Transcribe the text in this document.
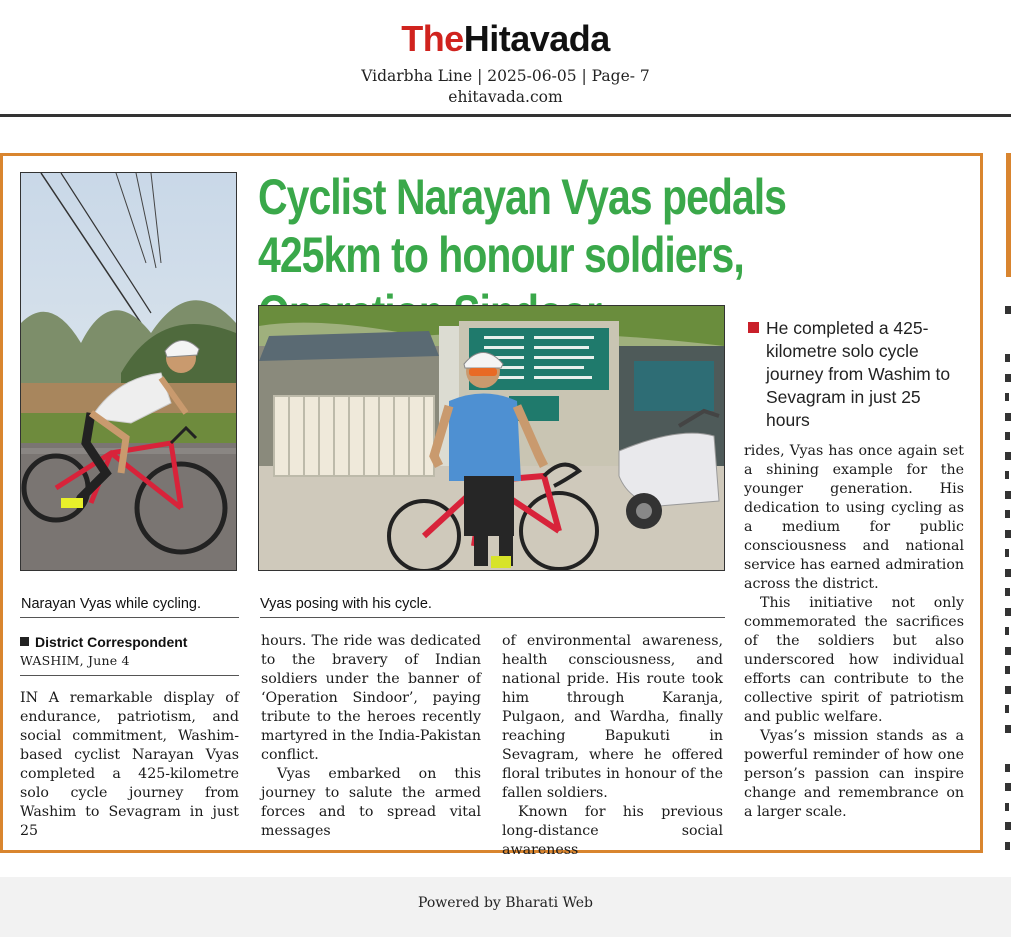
TheHitavada
Vidarbha Line | 2025-06-05 | Page- 7
ehitavada.com
Cyclist Narayan Vyas pedals 425km to honour soldiers,
He completed a 425-kilometre solo cycle journey from Washim to Sevagram in just 25 hours
Narayan Vyas while cycling.	Vyas posing with his cycle.
District Correspondent
WASHIM, June 4

IN A remarkable display of endurance, patriotism, and social commitment, Washim-based cyclist Narayan Vyas completed a 425-kilometre solo cycle journey from Washim to Sevagram in just 25

hours. The ride was dedicated to the bravery of Indian soldiers under the banner of ‘Operation Sindoor’, paying tribute to the heroes recently martyred in the India-Pakistan conflict.

Vyas embarked on this journey to salute the armed forces and to spread vital messages

of environmental awareness, health consciousness, and national pride. His route took him through Karanja, Pulgaon, and Wardha, finally reaching Bapukuti in Sevagram, where he offered floral tributes in honour of the fallen soldiers.

Known for his previous long-distance social awareness

rides, Vyas has once again set a shining example for the younger generation. His dedication to using cycling as a medium for public consciousness and national service has earned admiration across the district.

This initiative not only commemorated the sacrifices of the soldiers but also underscored how individual efforts can contribute to the collective spirit of patriotism and public welfare.

Vyas’s mission stands as a powerful reminder of how one person’s passion can inspire change and remembrance on a larger scale.

Powered by Bharati Web
